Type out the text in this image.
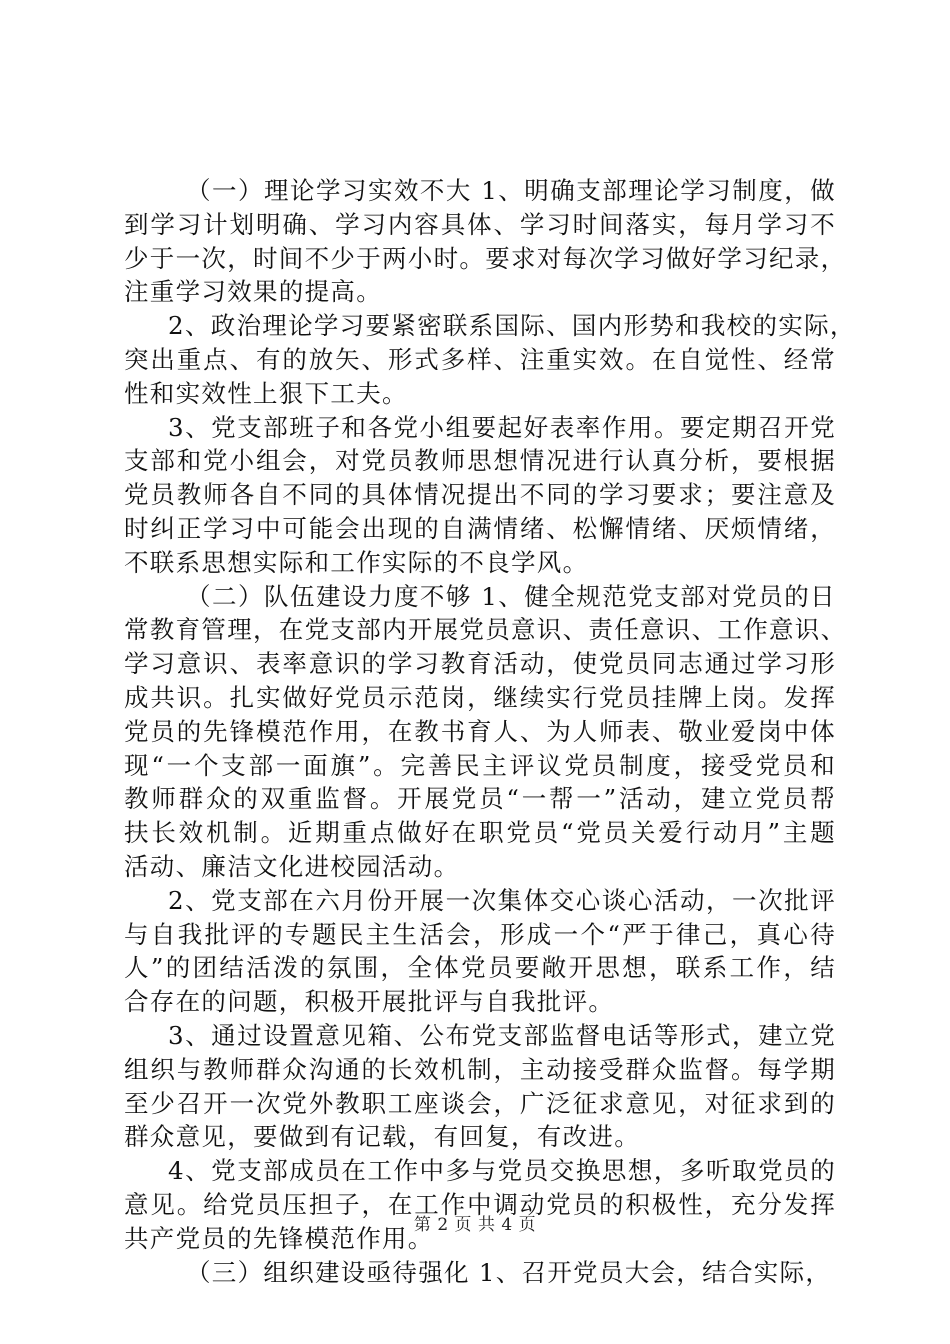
（一）理论学习实效不大 1、明确支部理论学习制度，做
到学习计划明确、学习内容具体、学习时间落实，每月学习不
少于一次，时间不少于两小时。要求对每次学习做好学习纪录，
注重学习效果的提高。
2、政治理论学习要紧密联系国际、国内形势和我校的实际，
突出重点、有的放矢、形式多样、注重实效。在自觉性、经常
性和实效性上狠下工夫。
3、党支部班子和各党小组要起好表率作用。要定期召开党
支部和党小组会，对党员教师思想情况进行认真分析，要根据
党员教师各自不同的具体情况提出不同的学习要求；要注意及
时纠正学习中可能会出现的自满情绪、松懈情绪、厌烦情绪，
不联系思想实际和工作实际的不良学风。
（二）队伍建设力度不够 1、健全规范党支部对党员的日
常教育管理，在党支部内开展党员意识、责任意识、工作意识、
学习意识、表率意识的学习教育活动，使党员同志通过学习形
成共识。扎实做好党员示范岗，继续实行党员挂牌上岗。发挥
党员的先锋模范作用，在教书育人、为人师表、敬业爱岗中体
现“一个支部一面旗”。完善民主评议党员制度，接受党员和
教师群众的双重监督。开展党员“一帮一”活动，建立党员帮
扶长效机制。近期重点做好在职党员“党员关爱行动月”主题
活动、廉洁文化进校园活动。
2、党支部在六月份开展一次集体交心谈心活动，一次批评
与自我批评的专题民主生活会，形成一个“严于律己，真心待
人”的团结活泼的氛围，全体党员要敞开思想，联系工作，结
合存在的问题，积极开展批评与自我批评。
3、通过设置意见箱、公布党支部监督电话等形式，建立党
组织与教师群众沟通的长效机制，主动接受群众监督。每学期
至少召开一次党外教职工座谈会，广泛征求意见，对征求到的
群众意见，要做到有记载，有回复，有改进。
4、党支部成员在工作中多与党员交换思想，多听取党员的
意见。给党员压担子，在工作中调动党员的积极性，充分发挥
共产党员的先锋模范作用。
（三）组织建设亟待强化 1、召开党员大会，结合实际，
第 2 页 共 4 页
